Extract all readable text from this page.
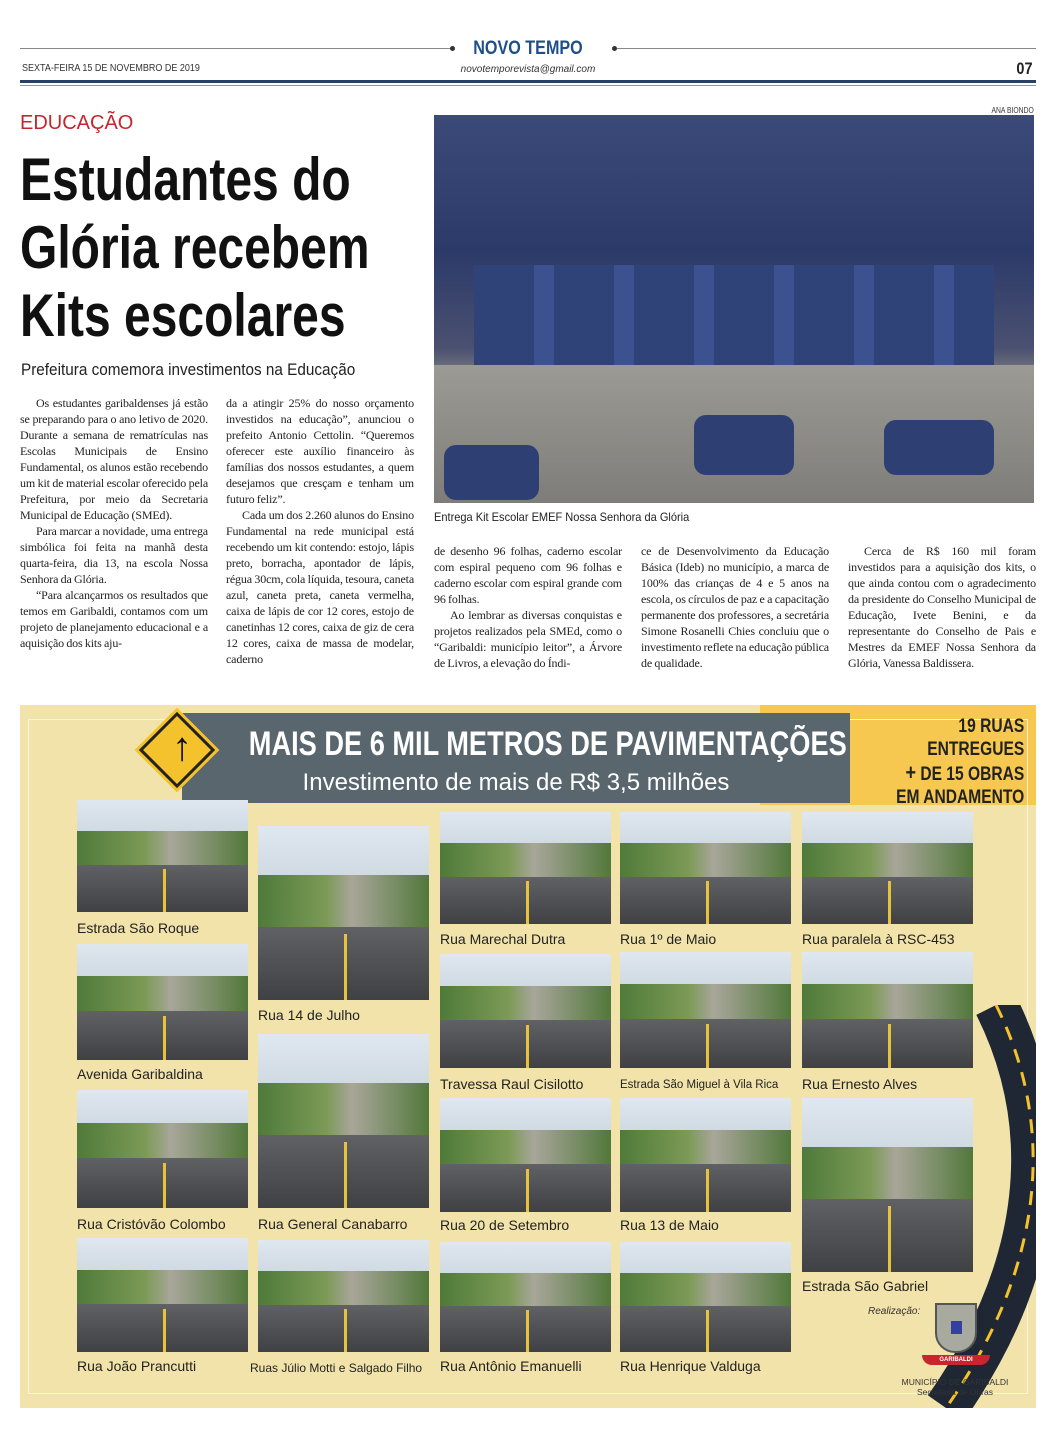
NOVO TEMPO
SEXTA-FEIRA 15 DE NOVEMBRO DE 2019	novotemporevista@gmail.com	07
EDUCAÇÃO
Estudantes do
Glória recebem
Kits escolares
Prefeitura comemora investimentos na Educação

Os estudantes garibaldenses já estão se preparando para o ano letivo de 2020. Durante a semana de rematrículas nas Escolas Municipais de Ensino Fundamental, os alunos estão recebendo um kit de material escolar oferecido pela Prefeitura, por meio da Secretaria Municipal de Educação (SMEd).

Para marcar a novidade, uma entrega simbólica foi feita na manhã desta quarta-feira, dia 13, na escola Nossa Senhora da Glória.

“Para alcançarmos os resultados que temos em Garibaldi, contamos com um projeto de planejamento educacional e a aquisição dos kits aju-

da a atingir 25% do nosso orçamento investidos na educação”, anunciou o prefeito Antonio Cettolin. “Queremos oferecer este auxílio financeiro às famílias dos nossos estudantes, a quem desejamos que cresçam e tenham um futuro feliz”.

Cada um dos 2.260 alunos do Ensino Fundamental na rede municipal está recebendo um kit contendo: estojo, lápis preto, borracha, apontador de lápis, régua 30cm, cola líquida, tesoura, caneta azul, caneta preta, caneta vermelha, caixa de lápis de cor 12 cores, estojo de canetinhas 12 cores, caixa de giz de cera 12 cores, caixa de massa de modelar, caderno

de desenho 96 folhas, caderno escolar com espiral pequeno com 96 folhas e caderno escolar com espiral grande com 96 folhas.

Ao lembrar as diversas conquistas e projetos realizados pela SMEd, como o “Garibaldi: município leitor”, a Árvore de Livros, a elevação do Índi-

ce de Desenvolvimento da Educação Básica (Ideb) no município, a marca de 100% das crianças de 4 e 5 anos na escola, os círculos de paz e a capacitação permanente dos professores, a secretária Simone Rosanelli Chies concluiu que o investimento reflete na educação pública de qualidade.

Cerca de R$ 160 mil foram investidos para a aquisição dos kits, o que ainda contou com o agradecimento da presidente do Conselho Municipal de Educação, Ivete Benini, e da representante do Conselho de Pais e Mestres da EMEF Nossa Senhora da Glória, Vanessa Baldissera.

ANA BIONDO
Entrega Kit Escolar EMEF Nossa Senhora da Glória
MAIS DE 6 MIL METROS DE PAVIMENTAÇÕES
Investimento de mais de R$ 3,5 milhões
↑	19 RUAS
ENTREGUES
+ DE 15 OBRAS
EM ANDAMENTO
Estrada São Roque
Avenida Garibaldina
Rua Cristóvão Colombo
Rua João Prancutti
Rua 14 de Julho
Rua General Canabarro
Ruas Júlio Motti e Salgado Filho
Rua Marechal Dutra
Travessa Raul Cisilotto
Rua 20 de Setembro
Rua Antônio Emanuelli
Rua 1º de Maio
Estrada São Miguel à Vila Rica
Rua 13 de Maio
Rua Henrique Valduga
Rua paralela à RSC-453
Rua Ernesto Alves
Estrada São Gabriel
Realização:
GARIBALDI
MUNICÍPIO DE GARIBALDI
Secretaria de Obras
